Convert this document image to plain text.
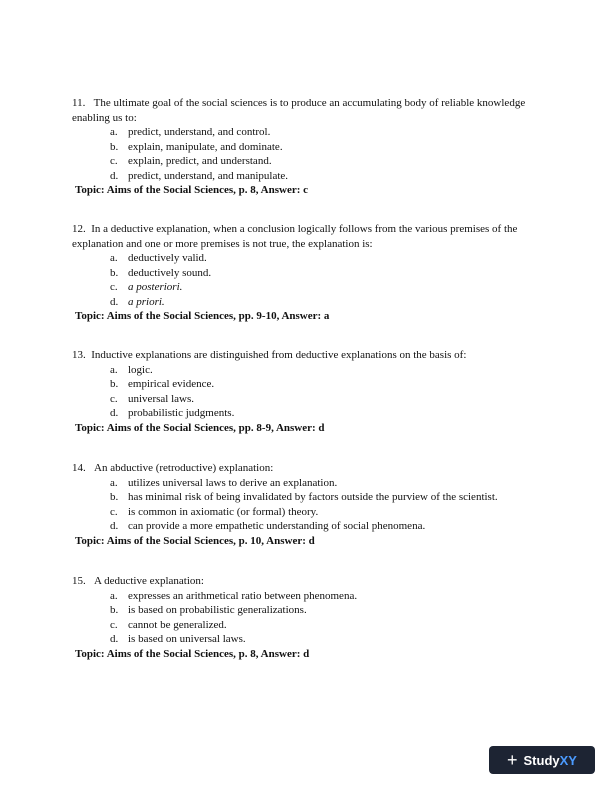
11. The ultimate goal of the social sciences is to produce an accumulating body of reliable knowledge enabling us to:

a. predict, understand, and control.
b. explain, manipulate, and dominate.
c. explain, predict, and understand.
d. predict, understand, and manipulate.

Topic: Aims of the Social Sciences, p. 8, Answer: c

12. In a deductive explanation, when a conclusion logically follows from the various premises of the explanation and one or more premises is not true, the explanation is:

a. deductively valid.
b. deductively sound.
c. a posteriori.
d. a priori.

Topic: Aims of the Social Sciences, pp. 9-10, Answer: a

13. Inductive explanations are distinguished from deductive explanations on the basis of:

a. logic.
b. empirical evidence.
c. universal laws.
d. probabilistic judgments.

Topic: Aims of the Social Sciences, pp. 8-9, Answer: d

14. An abductive (retroductive) explanation:

a. utilizes universal laws to derive an explanation.
b. has minimal risk of being invalidated by factors outside the purview of the scientist.
c. is common in axiomatic (or formal) theory.
d. can provide a more empathetic understanding of social phenomena.

Topic: Aims of the Social Sciences, p. 10, Answer: d

15. A deductive explanation:

a. expresses an arithmetical ratio between phenomena.
b. is based on probabilistic generalizations.
c. cannot be generalized.
d. is based on universal laws.

Topic: Aims of the Social Sciences, p. 8, Answer: d

+ Study XY
